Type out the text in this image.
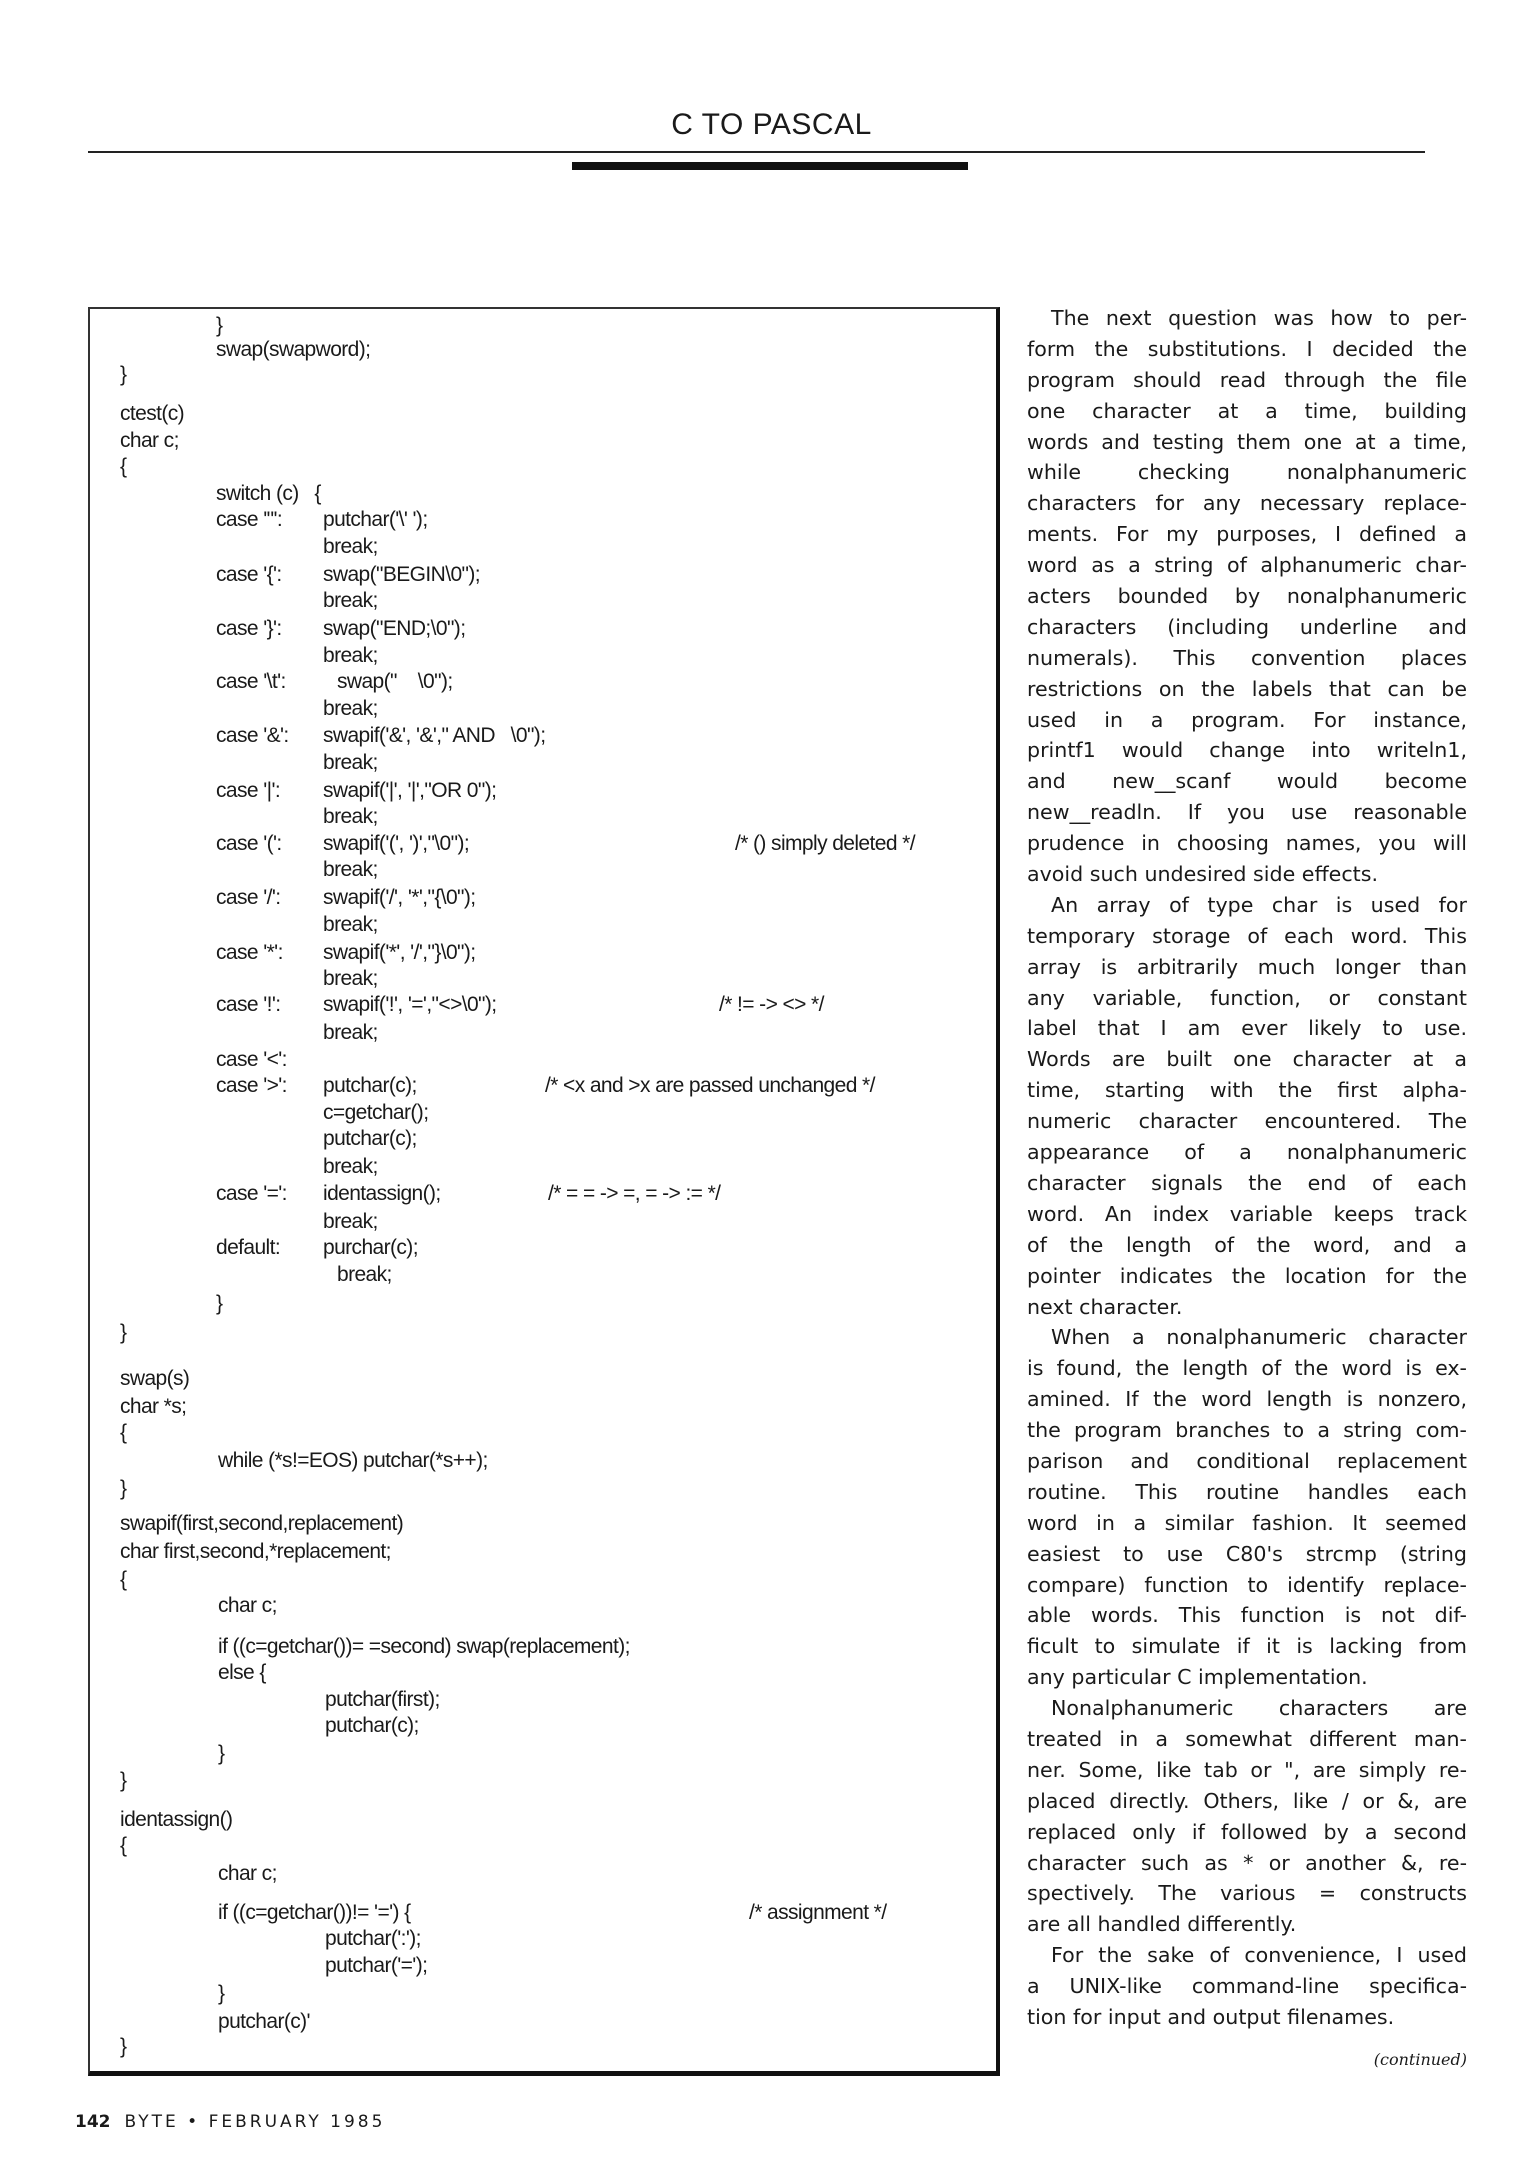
C TO PASCAL
}
swap(swapword);
}
ctest(c)
char c;
{
switch (c)   {
case '"': putchar('\' ');
break;
case '{': swap("BEGIN\0");
break;
case '}': swap("END;\0");
break;
case '\t': swap("    \0");
break;
case '&': swapif('&', '&'," AND   \0");
break;
case '|': swapif('|', '|',"OR 0");
break;
case '(': swapif('(', ')',"\0");	/* () simply deleted */
break;
case '/': swapif('/', '*',"{\0");
break;
case '*': swapif('*', '/',"}\0");
break;
case '!': swapif('!', '=',"<>\0");	/* != -> <> */
break;
case '<':
case '>': putchar(c);	/* <x and >x are passed unchanged */
c=getchar();
putchar(c);
break;
case '=': identassign();	/* = = -> =, = -> := */
break;
default: purchar(c);
break;
}
}
swap(s)
char *s;
{
while (*s!=EOS) putchar(*s++);
}
swapif(first,second,replacement)
char first,second,*replacement;
{
char c;
if ((c=getchar())= =second) swap(replacement);
else {
putchar(first);
putchar(c);
}
}
identassign()
{
char c;
if ((c=getchar())!= '=') {	/* assignment */
putchar(':');
putchar('=');
}
putchar(c)'
}
The next question was how to per-
form the substitutions. I decided the
program should read through the file
one character at a time, building
words and testing them one at a time,
while checking nonalphanumeric
characters for any necessary replace-
ments. For my purposes, I defined a
word as a string of alphanumeric char-
acters bounded by nonalphanumeric
characters (including underline and
numerals). This convention places
restrictions on the labels that can be
used in a program. For instance,
printf1 would change into writeln1,
and new__scanf would become
new__readln. If you use reasonable
prudence in choosing names, you will
avoid such undesired side effects.
An array of type char is used for
temporary storage of each word. This
array is arbitrarily much longer than
any variable, function, or constant
label that I am ever likely to use.
Words are built one character at a
time, starting with the first alpha-
numeric character encountered. The
appearance of a nonalphanumeric
character signals the end of each
word. An index variable keeps track
of the length of the word, and a
pointer indicates the location for the
next character.
When a nonalphanumeric character
is found, the length of the word is ex-
amined. If the word length is nonzero,
the program branches to a string com-
parison and conditional replacement
routine. This routine handles each
word in a similar fashion. It seemed
easiest to use C80's strcmp (string
compare) function to identify replace-
able words. This function is not dif-
ficult to simulate if it is lacking from
any particular C implementation.
Nonalphanumeric characters are
treated in a somewhat different man-
ner. Some, like tab or ", are simply re-
placed directly. Others, like / or &, are
replaced only if followed by a second
character such as * or another &, re-
spectively. The various = constructs
are all handled differently.
For the sake of convenience, I used
a UNIX-like command-line specifica-
tion for input and output filenames.
(continued)
142 BYTE • FEBRUARY 1985
